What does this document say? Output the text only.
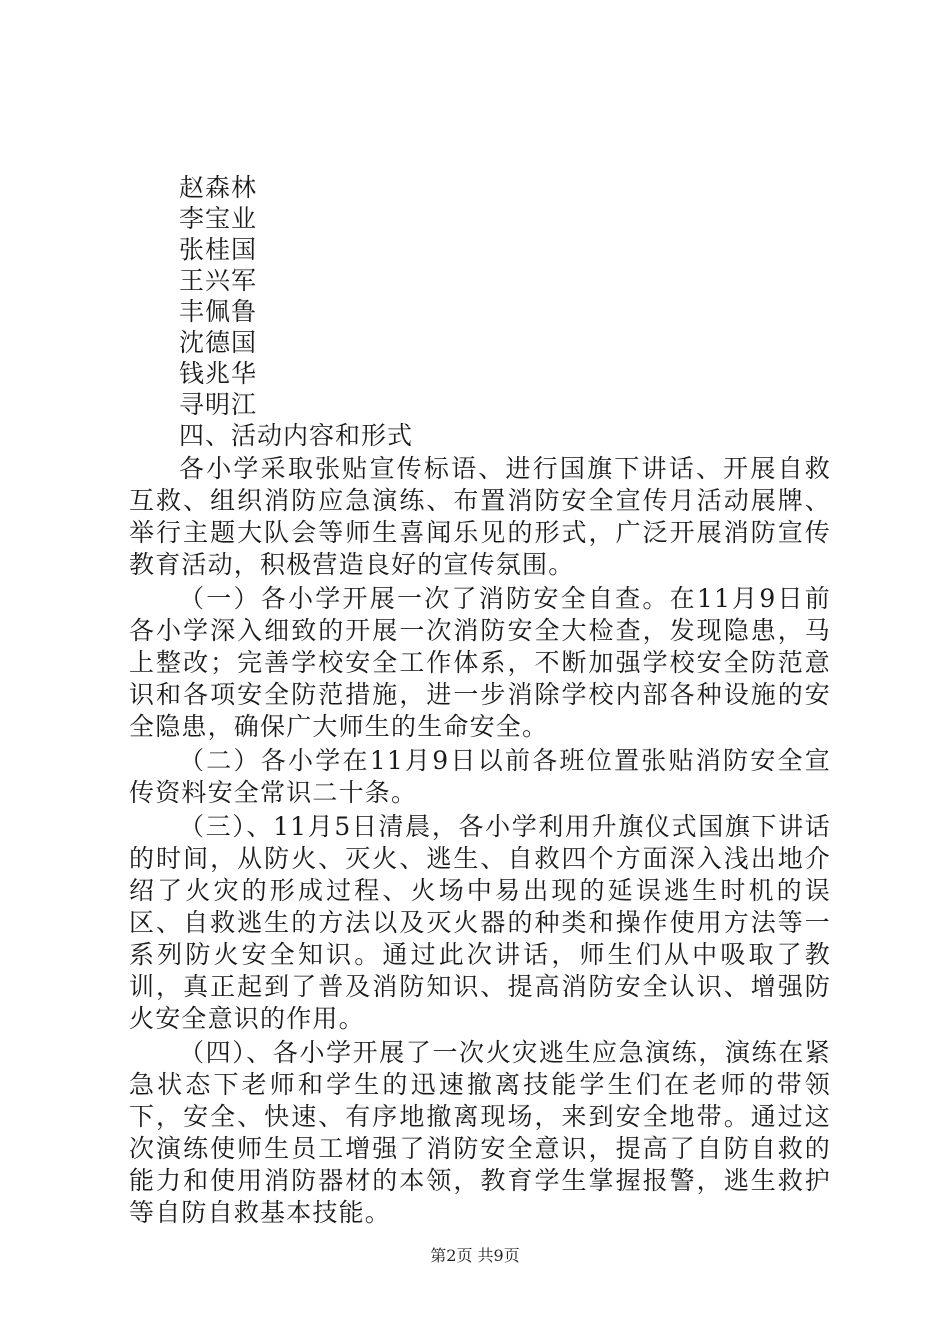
赵森林
李宝业
张桂国
王兴军
丰佩鲁
沈德国
钱兆华
寻明江
四、活动内容和形式

各小学采取张贴宣传标语、进行国旗下讲话、开展自救互救、组织消防应急演练、布置消防安全宣传月活动展牌、举行主题大队会等师生喜闻乐见的形式，广泛开展消防宣传教育活动，积极营造良好的宣传氛围。

（一）各小学开展一次了消防安全自查。在11月9日前各小学深入细致的开展一次消防安全大检查，发现隐患，马上整改；完善学校安全工作体系，不断加强学校安全防范意识和各项安全防范措施，进一步消除学校内部各种设施的安全隐患，确保广大师生的生命安全。

（二）各小学在11月9日以前各班位置张贴消防安全宣传资料安全常识二十条。

（三）、11月5日清晨，各小学利用升旗仪式国旗下讲话的时间，从防火、灭火、逃生、自救四个方面深入浅出地介绍了火灾的形成过程、火场中易出现的延误逃生时机的误区、自救逃生的方法以及灭火器的种类和操作使用方法等一系列防火安全知识。通过此次讲话，师生们从中吸取了教训，真正起到了普及消防知识、提高消防安全认识、增强防火安全意识的作用。

（四）、各小学开展了一次火灾逃生应急演练，演练在紧急状态下老师和学生的迅速撤离技能学生们在老师的带领下，安全、快速、有序地撤离现场，来到安全地带。通过这次演练使师生员工增强了消防安全意识，提高了自防自救的能力和使用消防器材的本领，教育学生掌握报警，逃生救护等自防自救基本技能。

第2页 共9页
